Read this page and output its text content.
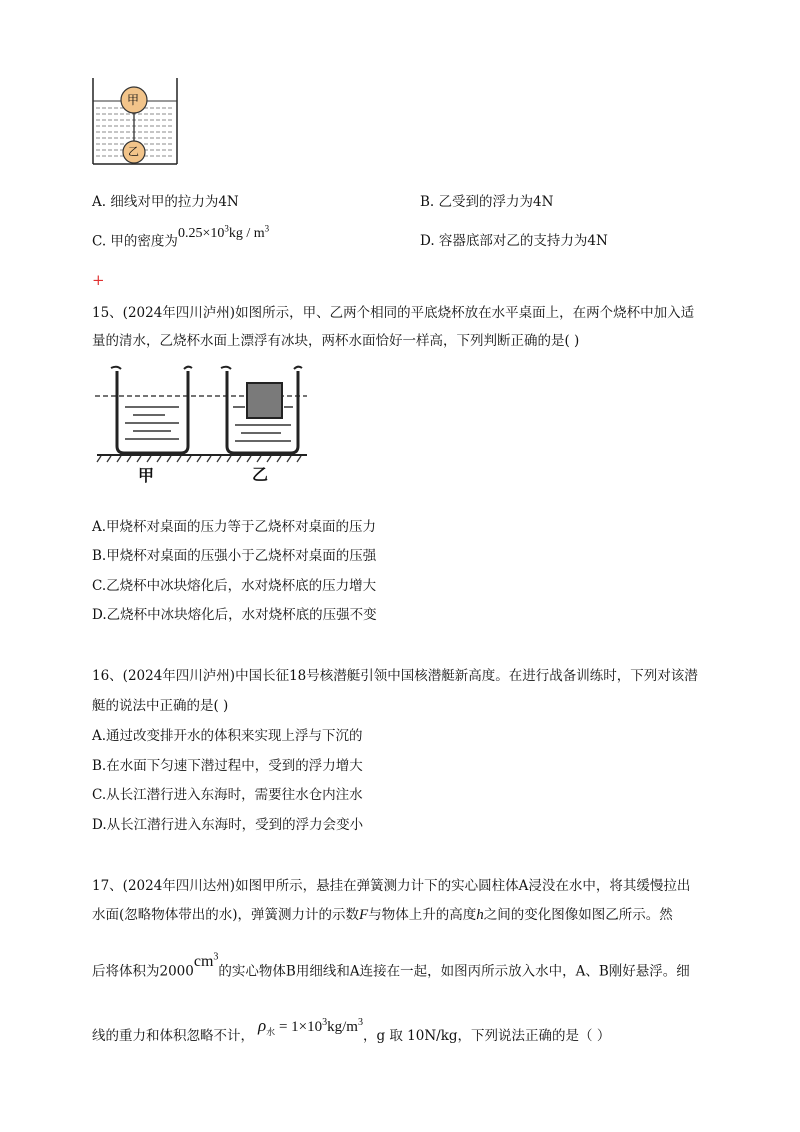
甲
乙
A. 细线对甲的拉力为4N	B. 乙受到的浮力为4N
C. 甲的密度为$0.25\times 10^3kg / m^3$
D. 容器底部对乙的支持力为4N
+
15、(2024年四川泸州)如图所示，甲、乙两个相同的平底烧杯放在水平桌面上，在两个烧杯中加入适
量的清水，乙烧杯水面上漂浮有冰块，两杯水面恰好一样高，下列判断正确的是( )
甲	乙
A.甲烧杯对桌面的压力等于乙烧杯对桌面的压力
B.甲烧杯对桌面的压强小于乙烧杯对桌面的压强
C.乙烧杯中冰块熔化后，水对烧杯底的压力增大
D.乙烧杯中冰块熔化后，水对烧杯底的压强不变
16、(2024年四川泸州)中国长征18号核潜艇引领中国核潜艇新高度。在进行战备训练时，下列对该潜
艇的说法中正确的是( )
A.通过改变排开水的体积来实现上浮与下沉的
B.在水面下匀速下潜过程中，受到的浮力增大
C.从长江潜行进入东海时，需要往水仓内注水
D.从长江潜行进入东海时，受到的浮力会变小
17、(2024年四川达州)如图甲所示，悬挂在弹簧测力计下的实心圆柱体A浸没在水中，将其缓慢拉出
水面(忽略物体带出的水)，弹簧测力计的示数F与物体上升的高度h之间的变化图像如图乙所示。然
后将体积为$2000cm^3$的实心物体B用细线和A连接在一起，如图丙所示放入水中，A、B刚好悬浮。细
线的重力和体积忽略不计，$\rho_水 = 1\times 10^3kg/m^3$，g 取 10N/kg，下列说法正确的是（ ）
